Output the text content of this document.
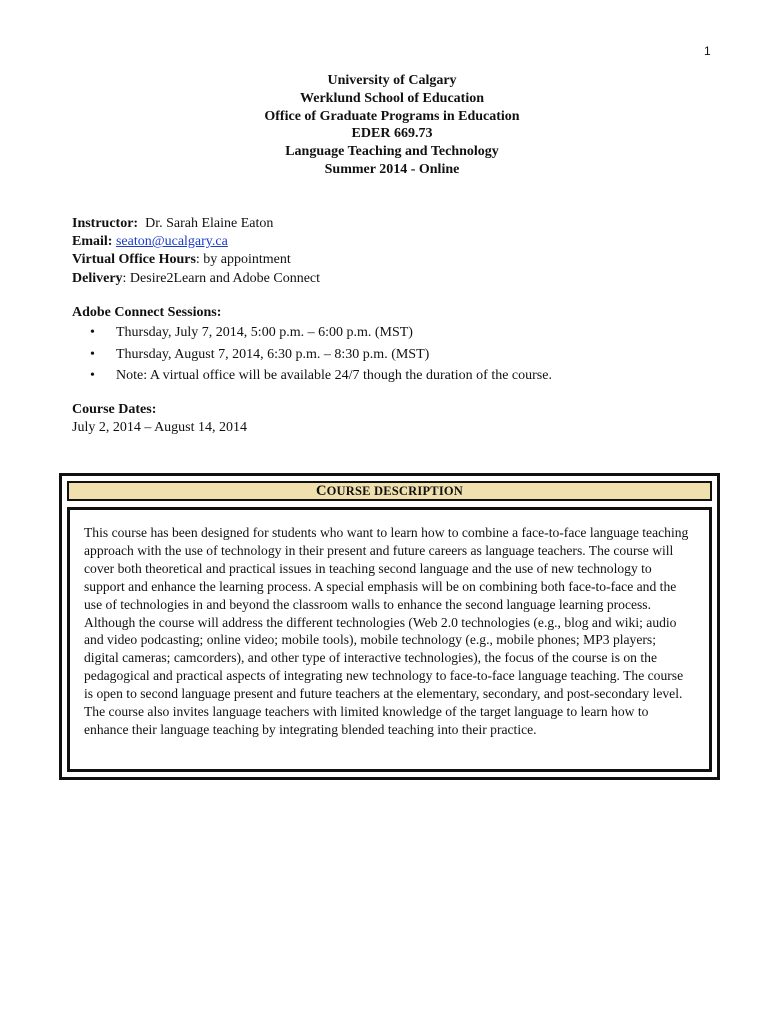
1
University of Calgary
Werklund School of Education
Office of Graduate Programs in Education
EDER 669.73
Language Teaching and Technology
Summer 2014 - Online
Instructor: Dr. Sarah Elaine Eaton
Email: seaton@ucalgary.ca
Virtual Office Hours: by appointment
Delivery: Desire2Learn and Adobe Connect
Adobe Connect Sessions:
• Thursday, July 7, 2014, 5:00 p.m. – 6:00 p.m. (MST)
• Thursday, August 7, 2014, 6:30 p.m. – 8:30 p.m. (MST)
• Note: A virtual office will be available 24/7 though the duration of the course.
Course Dates:
July 2, 2014 – August 14, 2014
COURSE DESCRIPTION
This course has been designed for students who want to learn how to combine a face-to-face language teaching approach with the use of technology in their present and future careers as language teachers. The course will cover both theoretical and practical issues in teaching second language and the use of new technology to support and enhance the learning process. A special emphasis will be on combining both face-to-face and the use of technologies in and beyond the classroom walls to enhance the second language learning process. Although the course will address the different technologies (Web 2.0 technologies (e.g., blog and wiki; audio and video podcasting; online video; mobile tools), mobile technology (e.g., mobile phones; MP3 players; digital cameras; camcorders), and other type of interactive technologies), the focus of the course is on the pedagogical and practical aspects of integrating new technology to face-to-face language teaching. The course is open to second language present and future teachers at the elementary, secondary, and post-secondary level. The course also invites language teachers with limited knowledge of the target language to learn how to enhance their language teaching by integrating blended teaching into their practice.
